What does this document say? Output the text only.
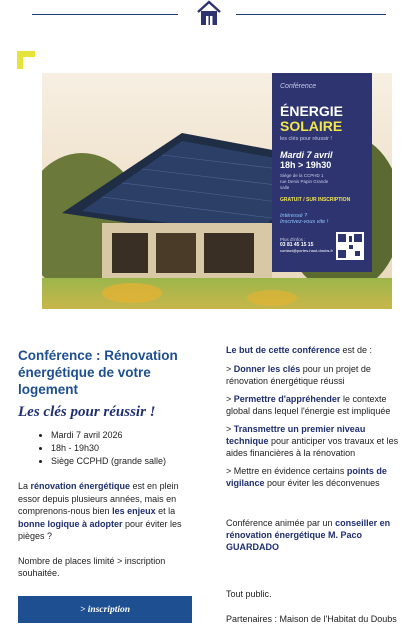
Conférence
ÉNERGIE
SOLAIRE
les clés pour réussir !
Mardi 7 avril
18h > 19h30
Siège de la CCPHD 1 rue Denis Papin Grande salle
GRATUIT / SUR INSCRIPTION
Intéressé ? Inscrivez-vous vite !
Plus d'infos :
03 81 45 15 15
contact@portes-haut-doubs.fr
Conférence : Rénovation énergétique de votre logement
Les clés pour réussir !
• Mardi 7 avril 2026
• 18h - 19h30
• Siège CCPHD (grande salle)

La rénovation énergétique est en plein essor depuis plusieurs années, mais en comprenons-nous bien les enjeux et la bonne logique à adopter pour éviter les pièges ?

Nombre de places limité > inscription souhaitée.

> inscription

Le but de cette conférence est de :

> Donner les clés pour un projet de rénovation énergétique réussi

> Permettre d'appréhender le contexte global dans lequel l'énergie est impliquée

> Transmettre un premier niveau technique pour anticiper vos travaux et les aides financières à la rénovation

> Mettre en évidence certains points de vigilance pour éviter les déconvenues

Conférence animée par un conseiller en rénovation énergétique M. Paco GUARDADO

Tout public.

Partenaires : Maison de l'Habitat du Doubs
